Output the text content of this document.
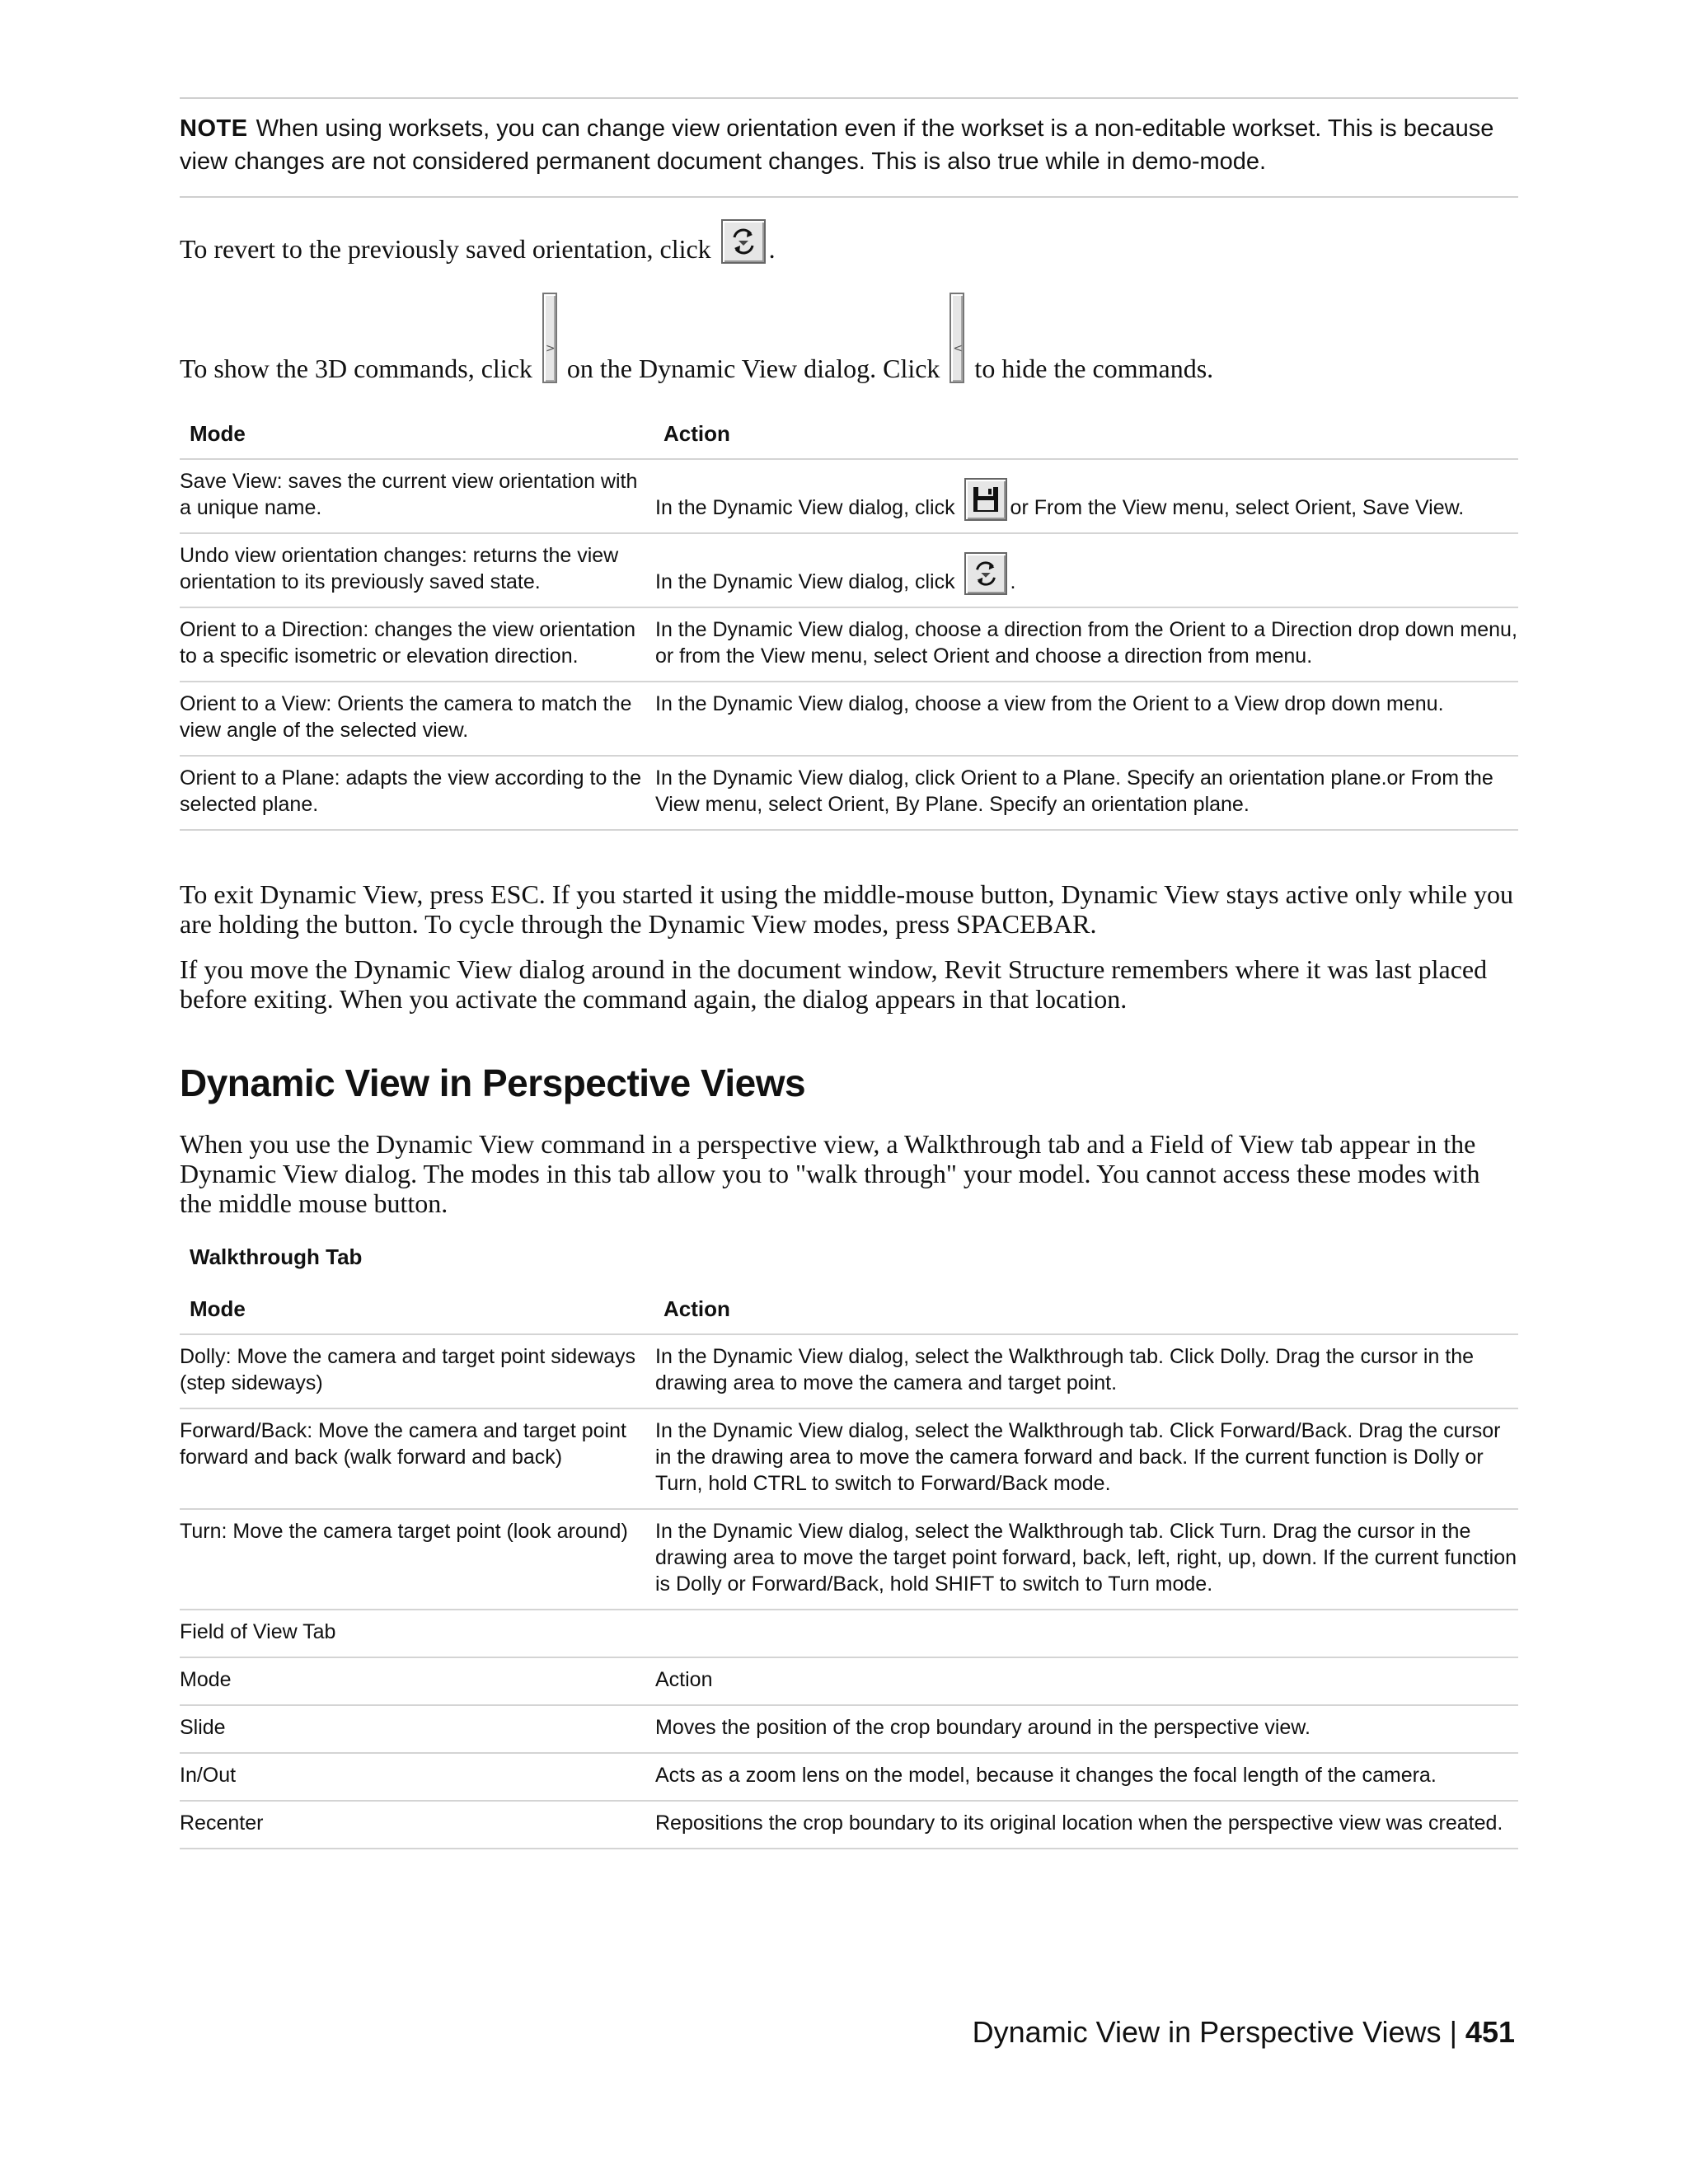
NOTE When using worksets, you can change view orientation even if the workset is a non-editable workset. This is because view changes are not considered permanent document changes. This is also true while in demo-mode.

To revert to the previously saved orientation, click .
To show the 3D commands, click
>
on the Dynamic View dialog. Click
<
to hide the commands.
Mode	Action
Save View: saves the current view orientation with a unique name.	In the Dynamic View dialog, click or From the View menu, select Orient, Save View.
Undo view orientation changes: returns the view orientation to its previously saved state.	In the Dynamic View dialog, click .
Orient to a Direction: changes the view orientation to a specific isometric or elevation direction.	In the Dynamic View dialog, choose a direction from the Orient to a Direction drop down menu, or from the View menu, select Orient and choose a direction from menu.
Orient to a View: Orients the camera to match the view angle of the selected view.	In the Dynamic View dialog, choose a view from the Orient to a View drop down menu.
Orient to a Plane: adapts the view according to the selected plane.	In the Dynamic View dialog, click Orient to a Plane. Specify an orientation plane.or From the View menu, select Orient, By Plane. Specify an orientation plane.

To exit Dynamic View, press ESC. If you started it using the middle-mouse button, Dynamic View stays active only while you are holding the button. To cycle through the Dynamic View modes, press SPACEBAR.

If you move the Dynamic View dialog around in the document window, Revit Structure remembers where it was last placed before exiting. When you activate the command again, the dialog appears in that location.

Dynamic View in Perspective Views

When you use the Dynamic View command in a perspective view, a Walkthrough tab and a Field of View tab appear in the Dynamic View dialog. The modes in this tab allow you to "walk through" your model. You cannot access these modes with the middle mouse button.

Walkthrough Tab

Mode	Action
Dolly: Move the camera and target point sideways (step sideways)	In the Dynamic View dialog, select the Walkthrough tab. Click Dolly. Drag the cursor in the drawing area to move the camera and target point.
Forward/Back: Move the camera and target point forward and back (walk forward and back)	In the Dynamic View dialog, select the Walkthrough tab. Click Forward/Back. Drag the cursor in the drawing area to move the camera forward and back. If the current function is Dolly or Turn, hold CTRL to switch to Forward/Back mode.
Turn: Move the camera target point (look around)	In the Dynamic View dialog, select the Walkthrough tab. Click Turn. Drag the cursor in the drawing area to move the target point forward, back, left, right, up, down. If the current function is Dolly or Forward/Back, hold SHIFT to switch to Turn mode.
Field of View Tab	
Mode	Action
Slide	Moves the position of the crop boundary around in the perspective view.
In/Out	Acts as a zoom lens on the model, because it changes the focal length of the camera.
Recenter	Repositions the crop boundary to its original location when the perspective view was created.
Dynamic View in Perspective Views | 451
